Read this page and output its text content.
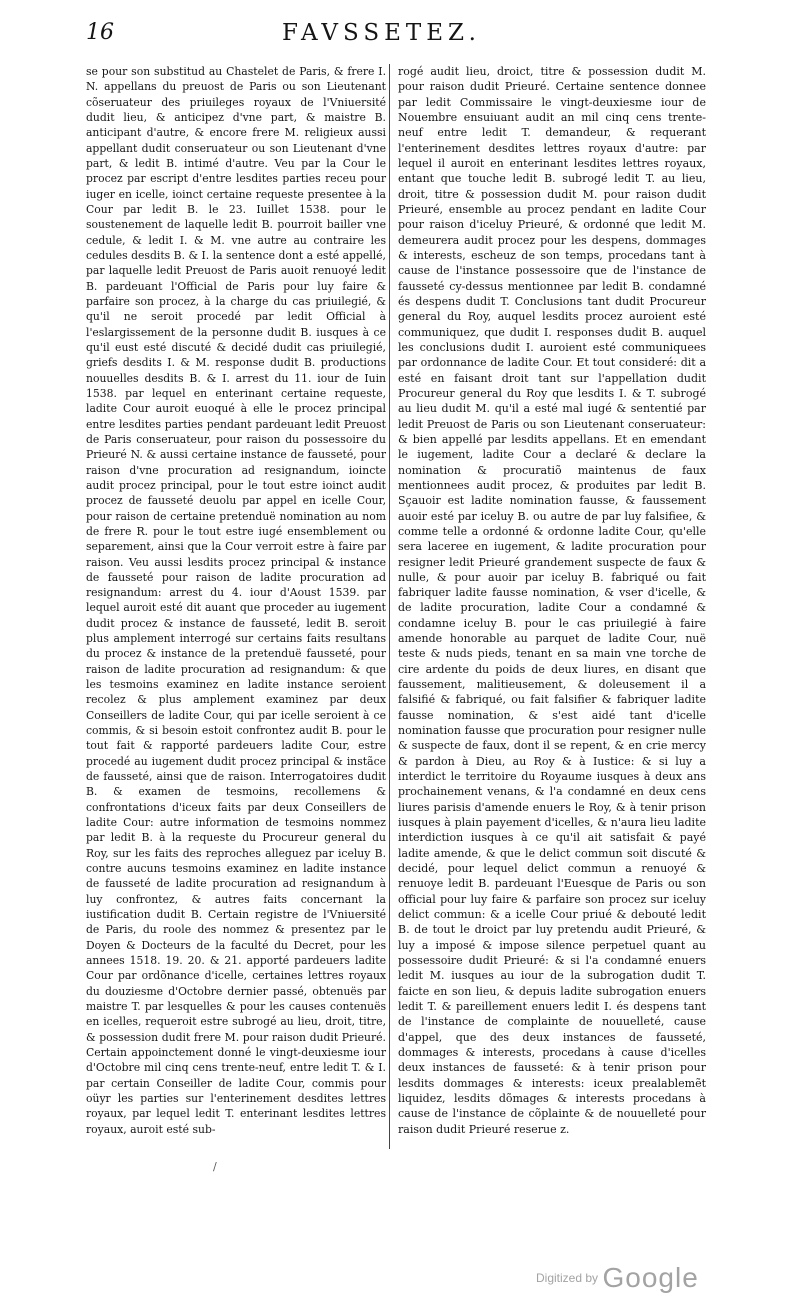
16	FAVSSETEZ.

se pour son substitud au Chastelet de Paris, & frere I. N. appellans du preuost de Paris ou son Lieutenant cõseruateur des priuileges royaux de l'Vniuersité dudit lieu, & anticipez d'vne part, & maistre B. anticipant d'autre, & encore frere M. religieux aussi appellant dudit conseruateur ou son Lieutenant d'vne part, & ledit B. intimé d'autre. Veu par la Cour le procez par escript d'entre lesdites parties receu pour iuger en icelle, ioinct certaine requeste presentee à la Cour par ledit B. le 23. Iuillet 1538. pour le soustenement de laquelle ledit B. pourroit bailler vne cedule, & ledit I. & M. vne autre au contraire les cedules desdits B. & I. la sentence dont a esté appellé, par laquelle ledit Preuost de Paris auoit renuoyé ledit B. pardeuant l'Official de Paris pour luy faire & parfaire son procez, à la charge du cas priuilegié, & qu'il ne seroit procedé par ledit Official à l'eslargissement de la personne dudit B. iusques à ce qu'il eust esté discuté & decidé dudit cas priuilegié, griefs desdits I. & M. response dudit B. productions nouuelles desdits B. & I. arrest du 11. iour de Iuin 1538. par lequel en enterinant certaine requeste, ladite Cour auroit euoqué à elle le procez principal entre lesdites parties pendant pardeuant ledit Preuost de Paris conseruateur, pour raison du possessoire du Prieuré N. & aussi certaine instance de fausseté, pour raison d'vne procuration ad resignandum, ioincte audit procez principal, pour le tout estre ioinct audit procez de fausseté deuolu par appel en icelle Cour, pour raison de certaine pretenduë nomination au nom de frere R. pour le tout estre iugé ensemblement ou separement, ainsi que la Cour verroit estre à faire par raison. Veu aussi lesdits procez principal & instance de fausseté pour raison de ladite procuration ad resignandum: arrest du 4. iour d'Aoust 1539. par lequel auroit esté dit auant que proceder au iugement dudit procez & instance de fausseté, ledit B. seroit plus amplement interrogé sur certains faits resultans du procez & instance de la pretenduë fausseté, pour raison de ladite procuration ad resignandum: & que les tesmoins examinez en ladite instance seroient recolez & plus amplement examinez par deux Conseillers de ladite Cour, qui par icelle seroient à ce commis, & si besoin estoit confrontez audit B. pour le tout fait & rapporté pardeuers ladite Cour, estre procedé au iugement dudit procez principal & instãce de fausseté, ainsi que de raison. Interrogatoires dudit B. & examen de tesmoins, recollemens & confrontations d'iceux faits par deux Conseillers de ladite Cour: autre information de tesmoins nommez par ledit B. à la requeste du Procureur general du Roy, sur les faits des reproches alleguez par iceluy B. contre aucuns tesmoins examinez en ladite instance de fausseté de ladite procuration ad resignandum à luy confrontez, & autres faits concernant la iustification dudit B. Certain registre de l'Vniuersité de Paris, du roole des nommez & presentez par le Doyen & Docteurs de la faculté du Decret, pour les annees 1518. 19. 20. & 21. apporté pardeuers ladite Cour par ordõnance d'icelle, certaines lettres royaux du douziesme d'Octobre dernier passé, obtenuës par maistre T. par lesquelles & pour les causes contenuës en icelles, requeroit estre subrogé au lieu, droit, titre, & possession dudit frere M. pour raison dudit Prieuré. Certain appoinctement donné le vingt-deuxiesme iour d'Octobre mil cinq cens trente-neuf, entre ledit T. & I. par certain Conseiller de ladite Cour, commis pour oüyr les parties sur l'enterinement desdites lettres royaux, par lequel ledit T. enterinant lesdites lettres royaux, auroit esté sub-

rogé audit lieu, droict, titre & possession dudit M. pour raison dudit Prieuré. Certaine sentence donnee par ledit Commissaire le vingt-deuxiesme iour de Nouembre ensuiuant audit an mil cinq cens trente-neuf entre ledit T. demandeur, & requerant l'enterinement desdites lettres royaux d'autre: par lequel il auroit en enterinant lesdites lettres royaux, entant que touche ledit B. subrogé ledit T. au lieu, droit, titre & possession dudit M. pour raison dudit Prieuré, ensemble au procez pendant en ladite Cour pour raison d'iceluy Prieuré, & ordonné que ledit M. demeurera audit procez pour les despens, dommages & interests, escheuz de son temps, procedans tant à cause de l'instance possessoire que de l'instance de fausseté cy-dessus mentionnee par ledit B. condamné és despens dudit T. Conclusions tant dudit Procureur general du Roy, auquel lesdits procez auroient esté communiquez, que dudit I. responses dudit B. auquel les conclusions dudit I. auroient esté communiquees par ordonnance de ladite Cour. Et tout consideré: dit a esté en faisant droit tant sur l'appellation dudit Procureur general du Roy que lesdits I. & T. subrogé au lieu dudit M. qu'il a esté mal iugé & sententié par ledit Preuost de Paris ou son Lieutenant conseruateur: & bien appellé par lesdits appellans. Et en emendant le iugement, ladite Cour a declaré & declare la nomination & procuratiõ maintenus de faux mentionnees audit procez, & produites par ledit B. Sçauoir est ladite nomination fausse, & faussement auoir esté par iceluy B. ou autre de par luy falsifiee, & comme telle a ordonné & ordonne ladite Cour, qu'elle sera laceree en iugement, & ladite procuration pour resigner ledit Prieuré grandement suspecte de faux & nulle, & pour auoir par iceluy B. fabriqué ou fait fabriquer ladite fausse nomination, & vser d'icelle, & de ladite procuration, ladite Cour a condamné & condamne iceluy B. pour le cas priuilegié à faire amende honorable au parquet de ladite Cour, nuë teste & nuds pieds, tenant en sa main vne torche de cire ardente du poids de deux liures, en disant que faussement, malitieusement, & doleusement il a falsifié & fabriqué, ou fait falsifier & fabriquer ladite fausse nomination, & s'est aidé tant d'icelle nomination fausse que procuration pour resigner nulle & suspecte de faux, dont il se repent, & en crie mercy & pardon à Dieu, au Roy & à Iustice: & si luy a interdict le territoire du Royaume iusques à deux ans prochainement venans, & l'a condamné en deux cens liures parisis d'amende enuers le Roy, & à tenir prison iusques à plain payement d'icelles, & n'aura lieu ladite interdiction iusques à ce qu'il ait satisfait & payé ladite amende, & que le delict commun soit discuté & decidé, pour lequel delict commun a renuoyé & renuoye ledit B. pardeuant l'Euesque de Paris ou son official pour luy faire & parfaire son procez sur iceluy delict commun: & a icelle Cour priué & debouté ledit B. de tout le droict par luy pretendu audit Prieuré, & luy a imposé & impose silence perpetuel quant au possessoire dudit Prieuré: & si l'a condamné enuers ledit M. iusques au iour de la subrogation dudit T. faicte en son lieu, & depuis ladite subrogation enuers ledit T. & pareillement enuers ledit I. és despens tant de l'instance de complainte de nouuelleté, cause d'appel, que des deux instances de fausseté, dommages & interests, procedans à cause d'icelles deux instances de fausseté: & à tenir prison pour lesdits dommages & interests: iceux prealablemẽt liquidez, lesdits dõmages & interests procedans à cause de l'instance de cõplainte & de nouuelleté pour raison dudit Prieuré reserue z.

/
Digitized by Google
